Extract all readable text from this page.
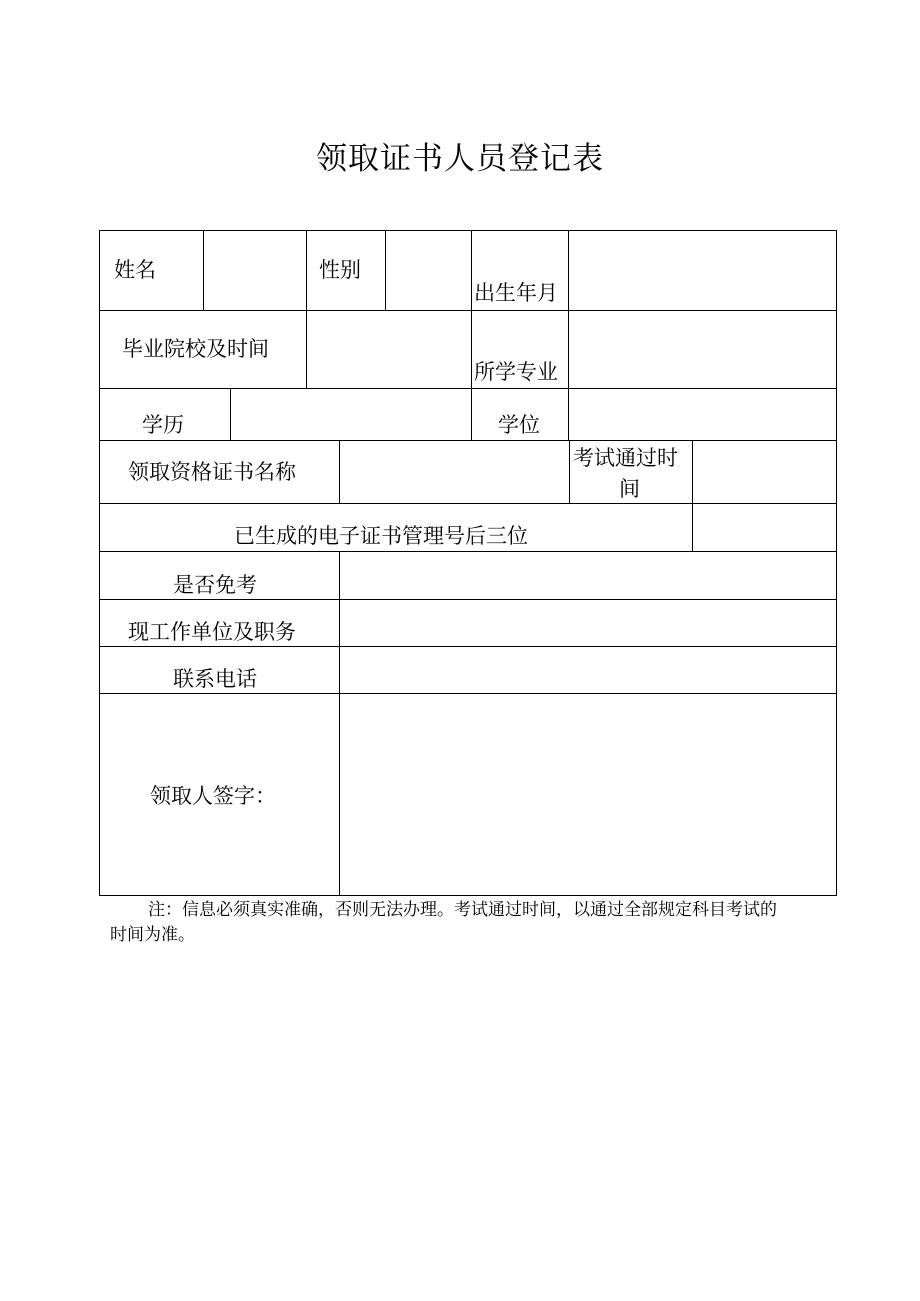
领取证书人员登记表
姓名	性别
出生年月
毕业院校及时间
所学专业
学历	学位
领取资格证书名称
考试通过时
间
已生成的电子证书管理号后三位
是否免考
现工作单位及职务
联系电话
领取人签字：
注：信息必须真实准确，否则无法办理。考试通过时间，以通过全部规定科目考试的时间为准。
